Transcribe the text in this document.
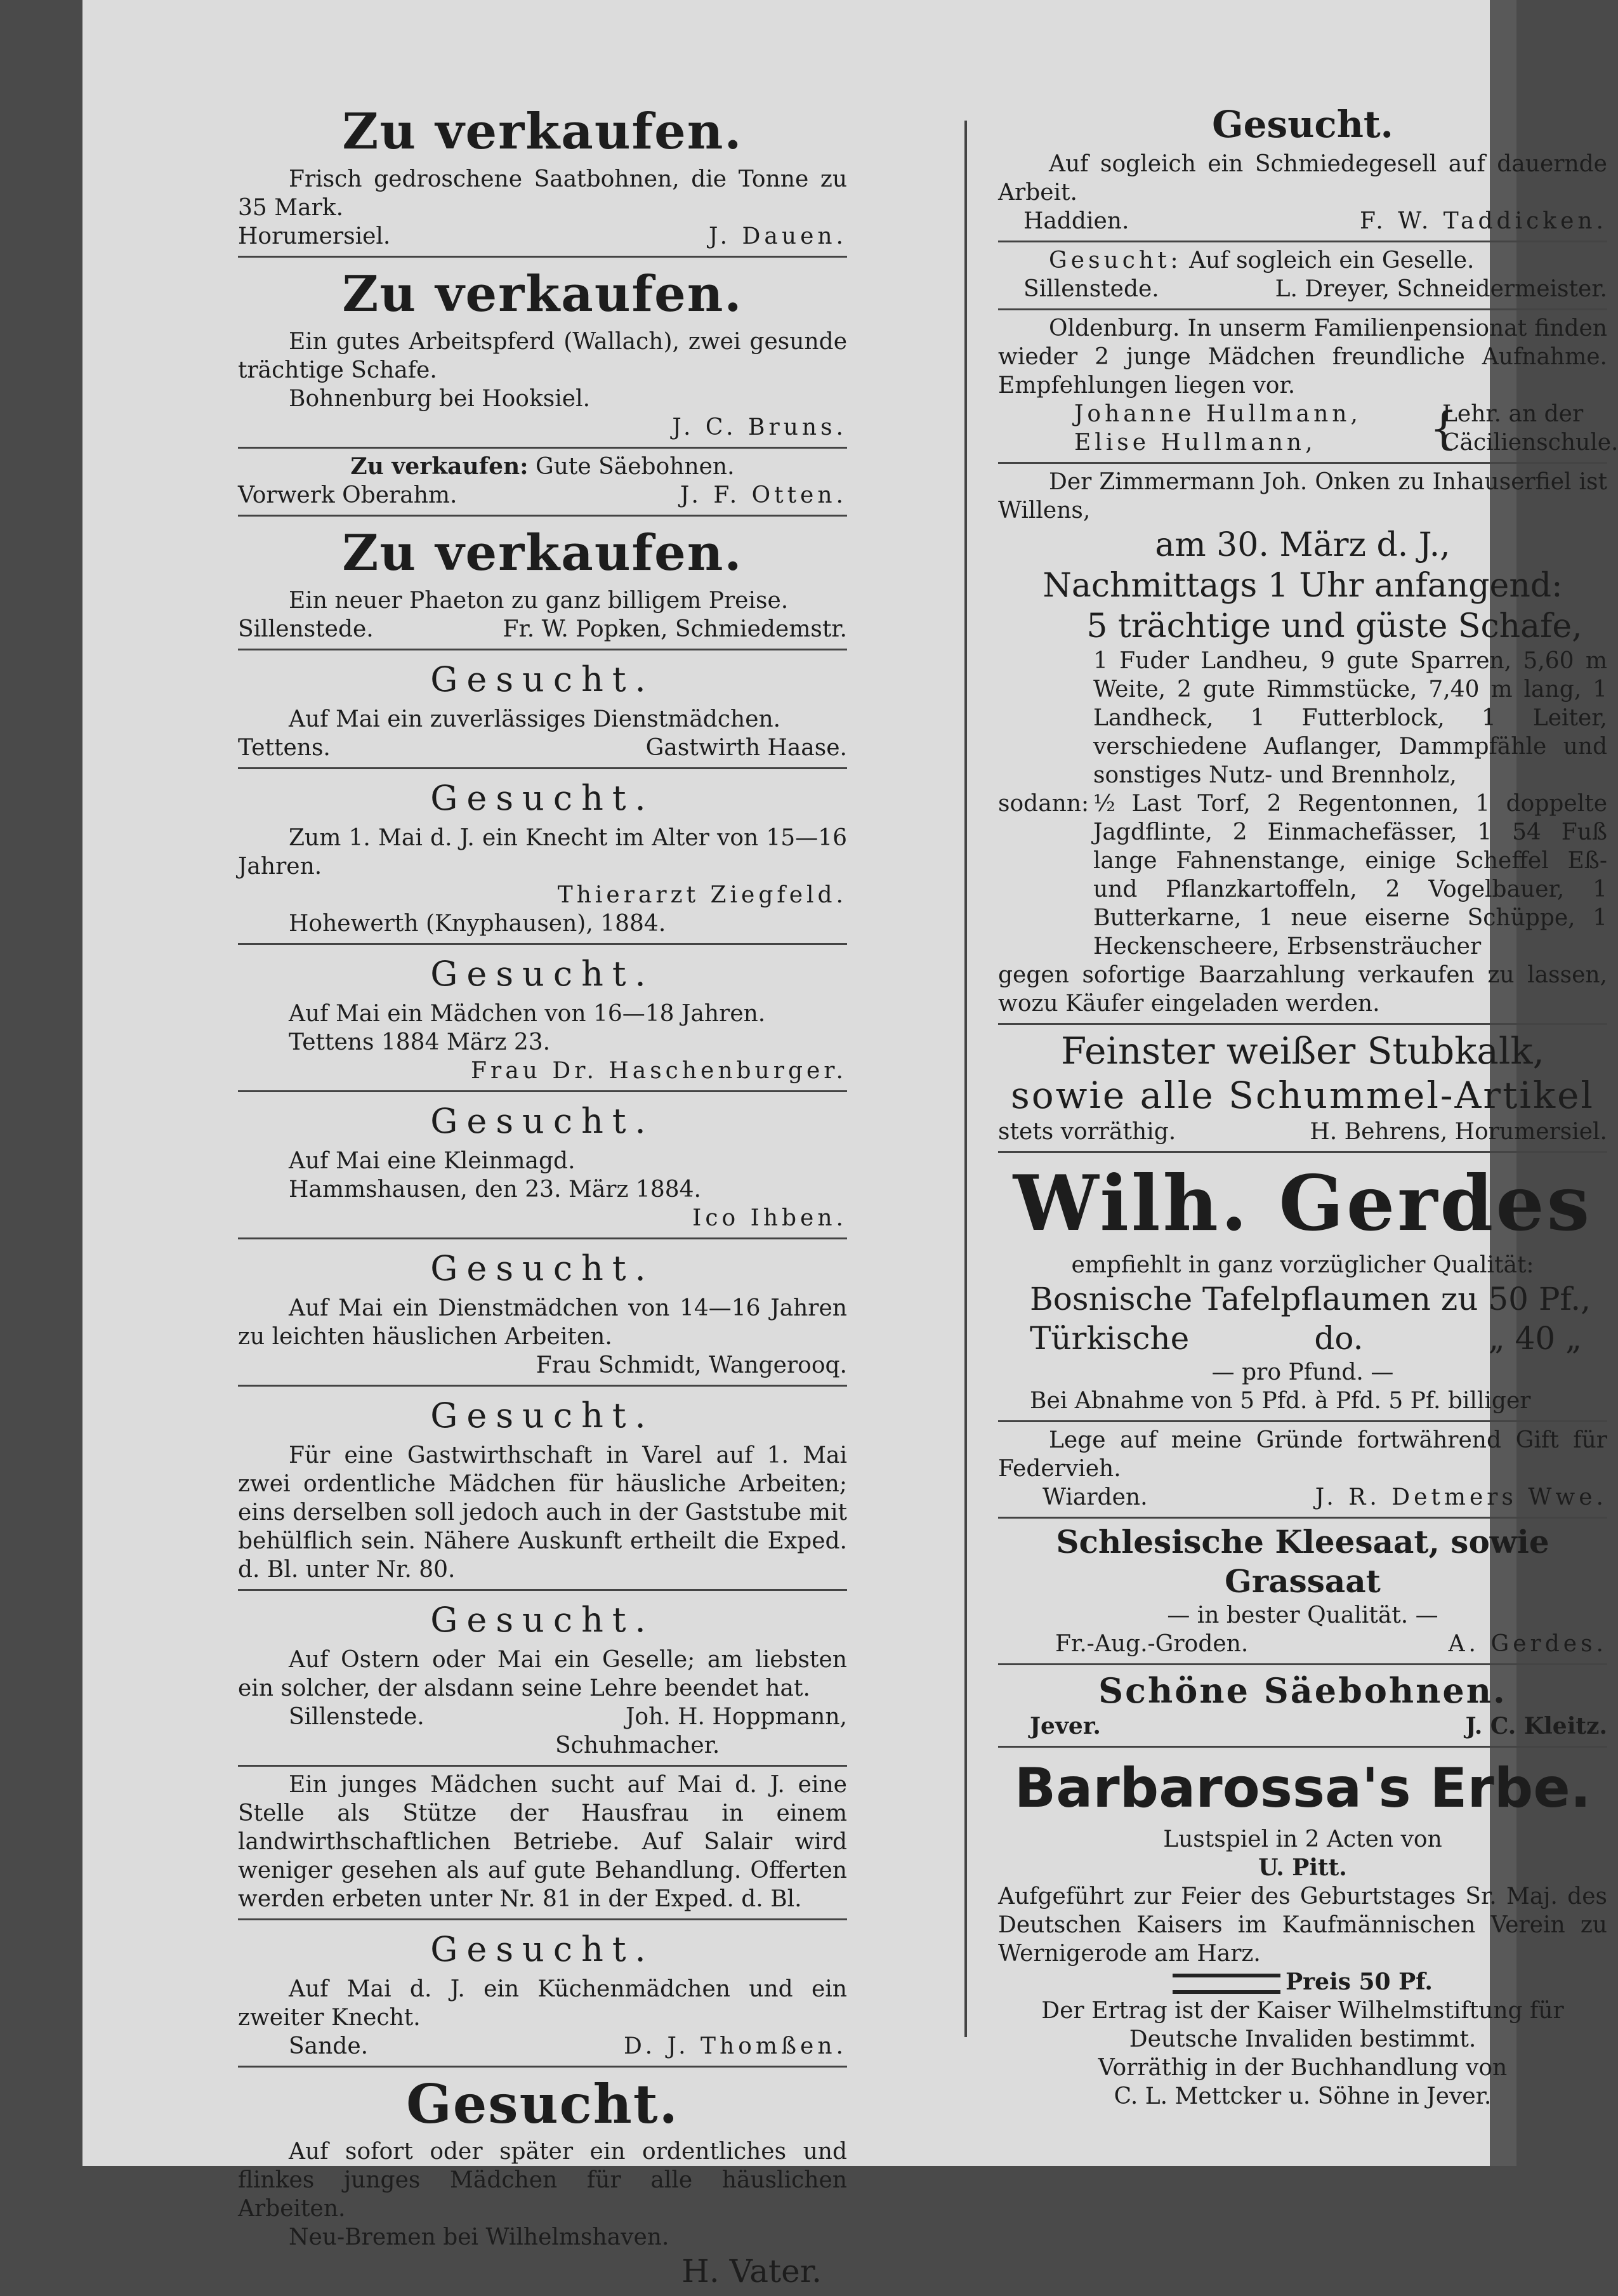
Zu verkaufen.
Frisch gedroschene Saatbohnen, die Tonne zu 35 Mark.
Horumersiel.	J. Dauen.
Zu verkaufen.
Ein gutes Arbeitspferd (Wallach), zwei gesunde trächtige Schafe.
Bohnenburg bei Hooksiel.
J. C. Bruns.
Zu verkaufen: Gute Säebohnen.
Vorwerk Oberahm.	J. F. Otten.
Zu verkaufen.
Ein neuer Phaeton zu ganz billigem Preise.
Sillenstede.	Fr. W. Popken, Schmiedemstr.
Gesucht.
Auf Mai ein zuverlässiges Dienstmädchen.
Tettens.	Gastwirth Haase.
Gesucht.
Zum 1. Mai d. J. ein Knecht im Alter von 15—16 Jahren.
Thierarzt Ziegfeld.
Hohewerth (Knyphausen), 1884.
Gesucht.
Auf Mai ein Mädchen von 16—18 Jahren.
Tettens 1884 März 23.
Frau Dr. Haschenburger.
Gesucht.
Auf Mai eine Kleinmagd.
Hammshausen, den 23. März 1884.
Ico Ihben.
Gesucht.
Auf Mai ein Dienstmädchen von 14—16 Jahren zu leichten häuslichen Arbeiten.
Frau Schmidt, Wangerooq.
Gesucht.
Für eine Gastwirthschaft in Varel auf 1. Mai zwei ordentliche Mädchen für häusliche Arbeiten; eins derselben soll jedoch auch in der Gaststube mit behülflich sein. Nähere Auskunft ertheilt die Exped. d. Bl. unter Nr. 80.
Gesucht.
Auf Ostern oder Mai ein Geselle; am liebsten ein solcher, der alsdann seine Lehre beendet hat.
Sillenstede.	Joh. H. Hoppmann,
Schuhmacher.
Ein junges Mädchen sucht auf Mai d. J. eine Stelle als Stütze der Hausfrau in einem landwirthschaftlichen Betriebe. Auf Salair wird weniger gesehen als auf gute Behandlung. Offerten werden erbeten unter Nr. 81 in der Exped. d. Bl.
Gesucht.
Auf Mai d. J. ein Küchenmädchen und ein zweiter Knecht.
Sande.	D. J. Thomßen.
Gesucht.
Auf sofort oder später ein ordentliches und flinkes junges Mädchen für alle häuslichen Arbeiten.
Neu-Bremen bei Wilhelmshaven.
H. Vater.
Gesucht.
Auf sogleich ein Schmiedegesell auf dauernde Arbeit.
Haddien.	F. W. Taddicken.
Gesucht: Auf sogleich ein Geselle.
Sillenstede.	L. Dreyer, Schneidermeister.
Oldenburg. In unserm Familienpensionat finden wieder 2 junge Mädchen freundliche Aufnahme. Empfehlungen liegen vor.
Johanne Hullmann,
Elise Hullmann,	{
Lehr. an der
Cäcilienschule.
Der Zimmermann Joh. Onken zu Inhauserfiel ist Willens,
am 30. März d. J.,
Nachmittags 1 Uhr anfangend:
5 trächtige und güste Schafe,
1 Fuder Landheu, 9 gute Sparren, 5,60 m Weite, 2 gute Rimmstücke, 7,40 m lang, 1 Landheck, 1 Futterblock, 1 Leiter, verschiedene Auflanger, Dammpfähle und sonstiges Nutz- und Brennholz,
sodann: ½ Last Torf, 2 Regentonnen, 1 doppelte Jagdflinte, 2 Einmachefässer, 1 54 Fuß lange Fahnenstange, einige Scheffel Eß- und Pflanzkartoffeln, 2 Vogelbauer, 1 Butterkarne, 1 neue eiserne Schüppe, 1 Heckenscheere, Erbsensträucher
gegen sofortige Baarzahlung verkaufen zu lassen, wozu Käufer eingeladen werden.
Feinster weißer Stubkalk,
sowie alle Schummel-Artikel
stets vorräthig.	H. Behrens, Horumersiel.
Wilh. Gerdes
empfiehlt in ganz vorzüglicher Qualität:
Bosnische Tafelpflaumen zu 50 Pf.,
Türkische	do.	„ 40 „
— pro Pfund. —
Bei Abnahme von 5 Pfd. à Pfd. 5 Pf. billiger
Lege auf meine Gründe fortwährend Gift für Federvieh.
Wiarden.	J. R. Detmers Wwe.
Schlesische Kleesaat, sowie Grassaat
— in bester Qualität. —
Fr.-Aug.-Groden.	A. Gerdes.
Schöne Säebohnen.
Jever.	J. C. Kleitz.
Barbarossa's Erbe.
Lustspiel in 2 Acten von
U. Pitt.
Aufgeführt zur Feier des Geburtstages Sr. Maj. des Deutschen Kaisers im Kaufmännischen Verein zu Wernigerode am Harz.
Preis 50 Pf.
Der Ertrag ist der Kaiser Wilhelmstiftung für Deutsche Invaliden bestimmt.
Vorräthig in der Buchhandlung von
C. L. Mettcker u. Söhne in Jever.
